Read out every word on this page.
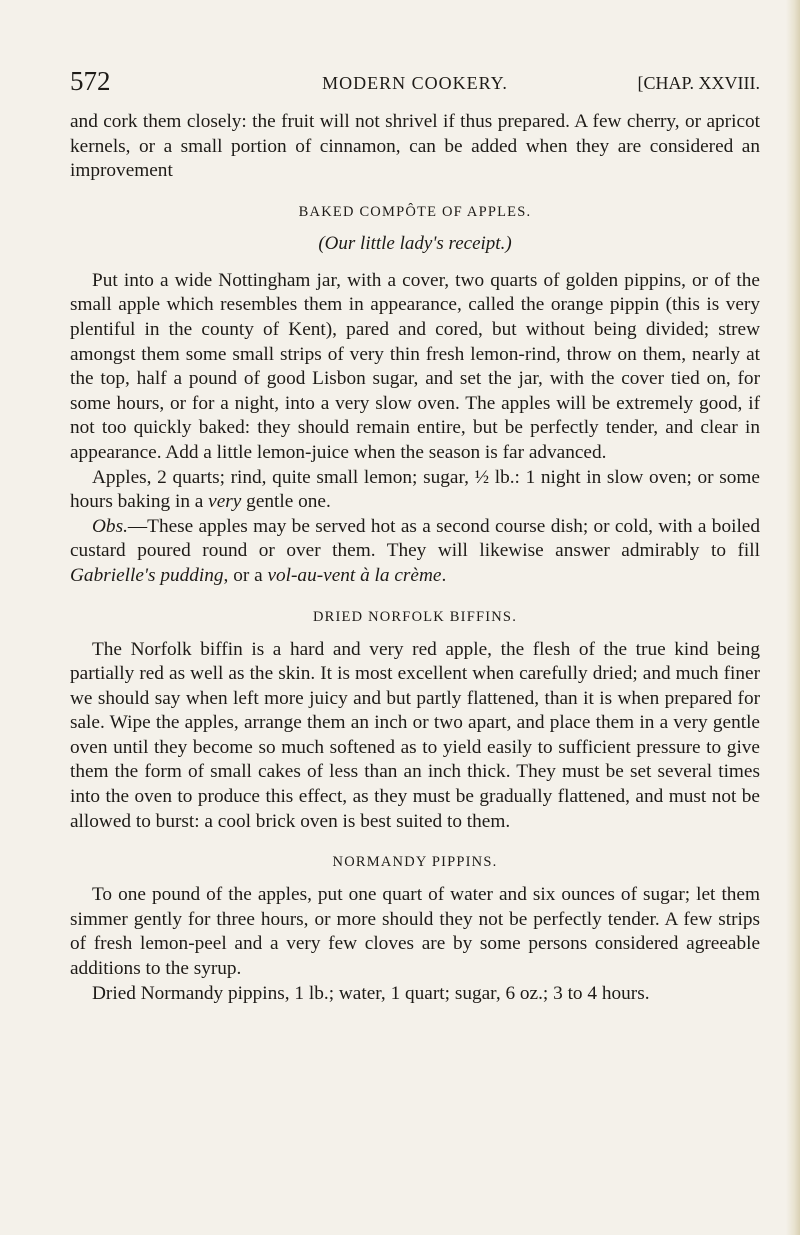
572	MODERN COOKERY.	[CHAP. XXVIII.

and cork them closely: the fruit will not shrivel if thus prepared. A few cherry, or apricot kernels, or a small portion of cinnamon, can be added when they are considered an improvement

BAKED COMPÔTE OF APPLES.
(Our little lady's receipt.)

Put into a wide Nottingham jar, with a cover, two quarts of golden pippins, or of the small apple which resembles them in appearance, called the orange pippin (this is very plentiful in the county of Kent), pared and cored, but without being divided; strew amongst them some small strips of very thin fresh lemon-rind, throw on them, nearly at the top, half a pound of good Lisbon sugar, and set the jar, with the cover tied on, for some hours, or for a night, into a very slow oven. The apples will be extremely good, if not too quickly baked: they should remain entire, but be perfectly tender, and clear in appearance. Add a little lemon-juice when the season is far advanced.

Apples, 2 quarts; rind, quite small lemon; sugar, ½ lb.: 1 night in slow oven; or some hours baking in a very gentle one.

Obs.—These apples may be served hot as a second course dish; or cold, with a boiled custard poured round or over them. They will likewise answer admirably to fill Gabrielle's pudding, or a vol-au-vent à la crème.

DRIED NORFOLK BIFFINS.

The Norfolk biffin is a hard and very red apple, the flesh of the true kind being partially red as well as the skin. It is most excellent when carefully dried; and much finer we should say when left more juicy and but partly flattened, than it is when prepared for sale. Wipe the apples, arrange them an inch or two apart, and place them in a very gentle oven until they become so much softened as to yield easily to sufficient pressure to give them the form of small cakes of less than an inch thick. They must be set several times into the oven to produce this effect, as they must be gradually flattened, and must not be allowed to burst: a cool brick oven is best suited to them.

NORMANDY PIPPINS.

To one pound of the apples, put one quart of water and six ounces of sugar; let them simmer gently for three hours, or more should they not be perfectly tender. A few strips of fresh lemon-peel and a very few cloves are by some persons considered agreeable additions to the syrup.

Dried Normandy pippins, 1 lb.; water, 1 quart; sugar, 6 oz.; 3 to 4 hours.
